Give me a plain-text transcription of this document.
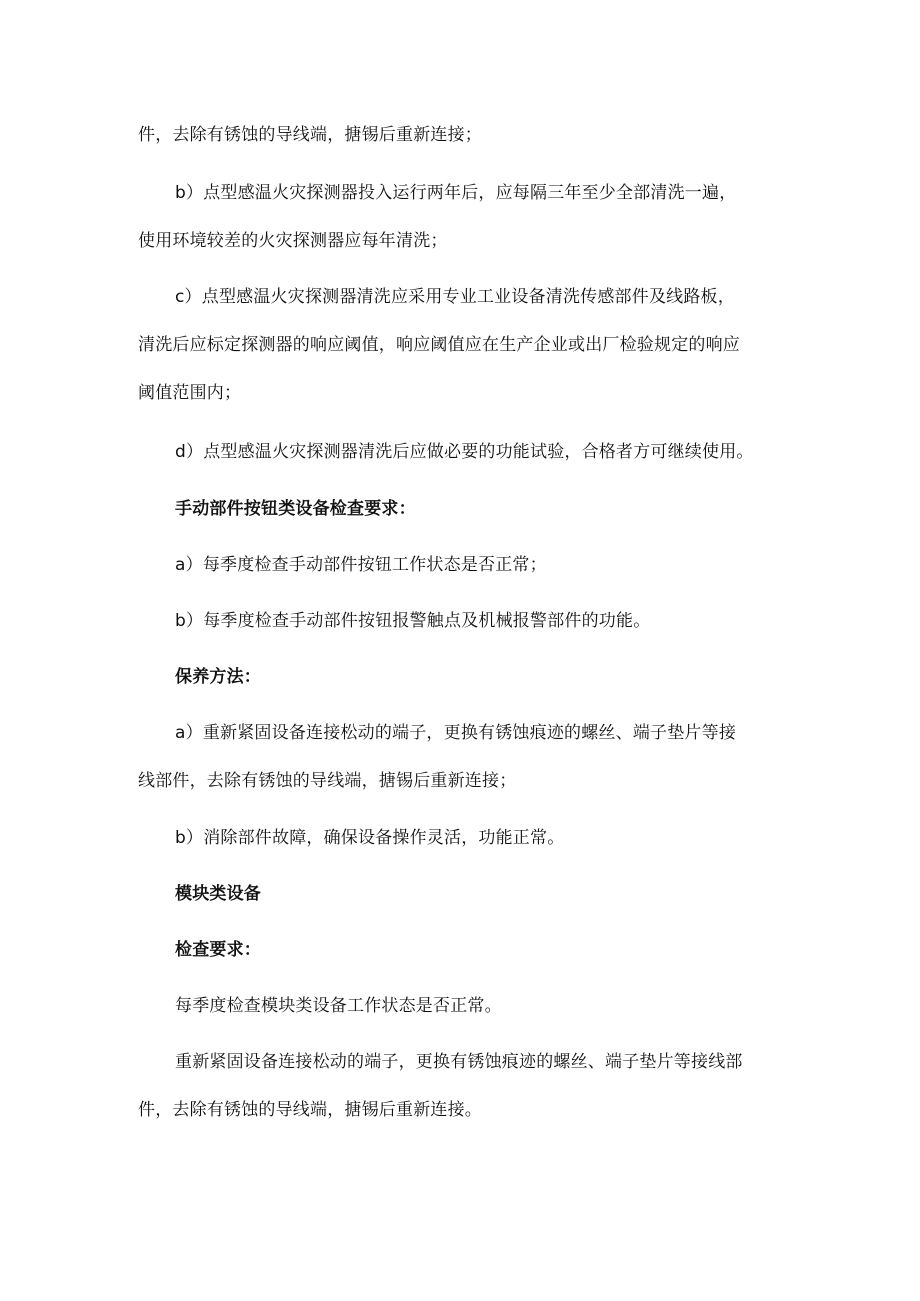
件，去除有锈蚀的导线端，搪锡后重新连接；
b）点型感温火灾探测器投入运行两年后，应每隔三年至少全部清洗一遍，
使用环境较差的火灾探测器应每年清洗；
c）点型感温火灾探测器清洗应采用专业工业设备清洗传感部件及线路板，
清洗后应标定探测器的响应阈值，响应阈值应在生产企业或出厂检验规定的响应
阈值范围内；
d）点型感温火灾探测器清洗后应做必要的功能试验，合格者方可继续使用。
手动部件按钮类设备检查要求：
a）每季度检查手动部件按钮工作状态是否正常；
b）每季度检查手动部件按钮报警触点及机械报警部件的功能。
保养方法：
a）重新紧固设备连接松动的端子，更换有锈蚀痕迹的螺丝、端子垫片等接
线部件，去除有锈蚀的导线端，搪锡后重新连接；
b）消除部件故障，确保设备操作灵活，功能正常。
模块类设备
检查要求：
每季度检查模块类设备工作状态是否正常。
重新紧固设备连接松动的端子，更换有锈蚀痕迹的螺丝、端子垫片等接线部
件，去除有锈蚀的导线端，搪锡后重新连接。
